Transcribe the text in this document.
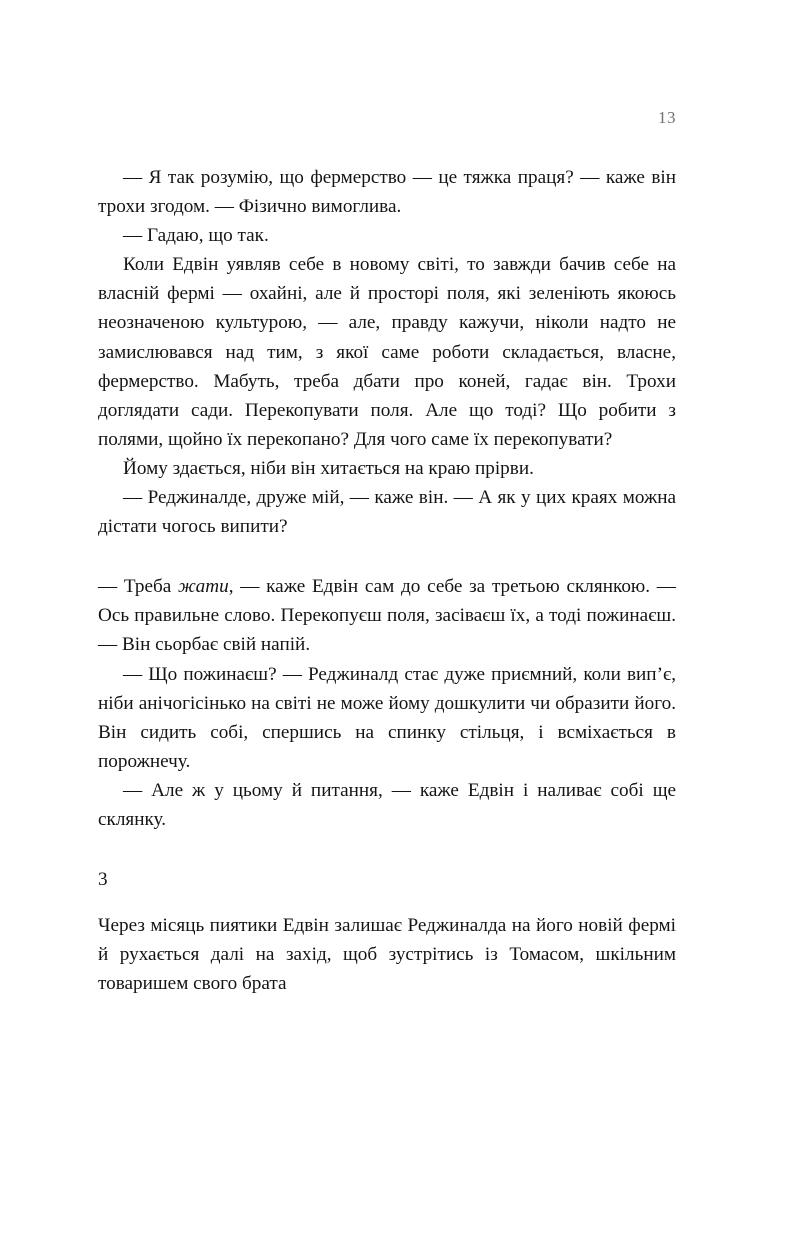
13

— Я так розумію, що фермерство — це тяжка праця? — каже він трохи згодом. — Фізично вимоглива.

— Гадаю, що так.

Коли Едвін уявляв себе в новому світі, то завжди бачив себе на власній фермі — охайні, але й просторі поля, які зеленіють якоюсь неозначеною культурою, — але, правду кажучи, ніколи надто не замислювався над тим, з якої саме роботи складається, власне, фермерство. Мабуть, треба дбати про коней, гадає він. Трохи доглядати сади. Перекопувати поля. Але що тоді? Що робити з полями, щойно їх перекопано? Для чого саме їх перекопувати?

Йому здається, ніби він хитається на краю прірви.

— Реджиналде, друже мій, — каже він. — А як у цих краях можна дістати чогось випити?

— Треба жати, — каже Едвін сам до себе за третьою склянкою. — Ось правильне слово. Перекопуєш поля, засіваєш їх, а тоді пожинаєш. — Він сьорбає свій напій.

— Що пожинаєш? — Реджиналд стає дуже приємний, коли вип’є, ніби анічогісінько на світі не може йому дошкулити чи образити його. Він сидить собі, спершись на спинку стільця, і всміхається в порожнечу.

— Але ж у цьому й питання, — каже Едвін і наливає собі ще склянку.

3

Через місяць пиятики Едвін залишає Реджиналда на його новій фермі й рухається далі на захід, щоб зустрітись із Томасом, шкільним товаришем свого брата
